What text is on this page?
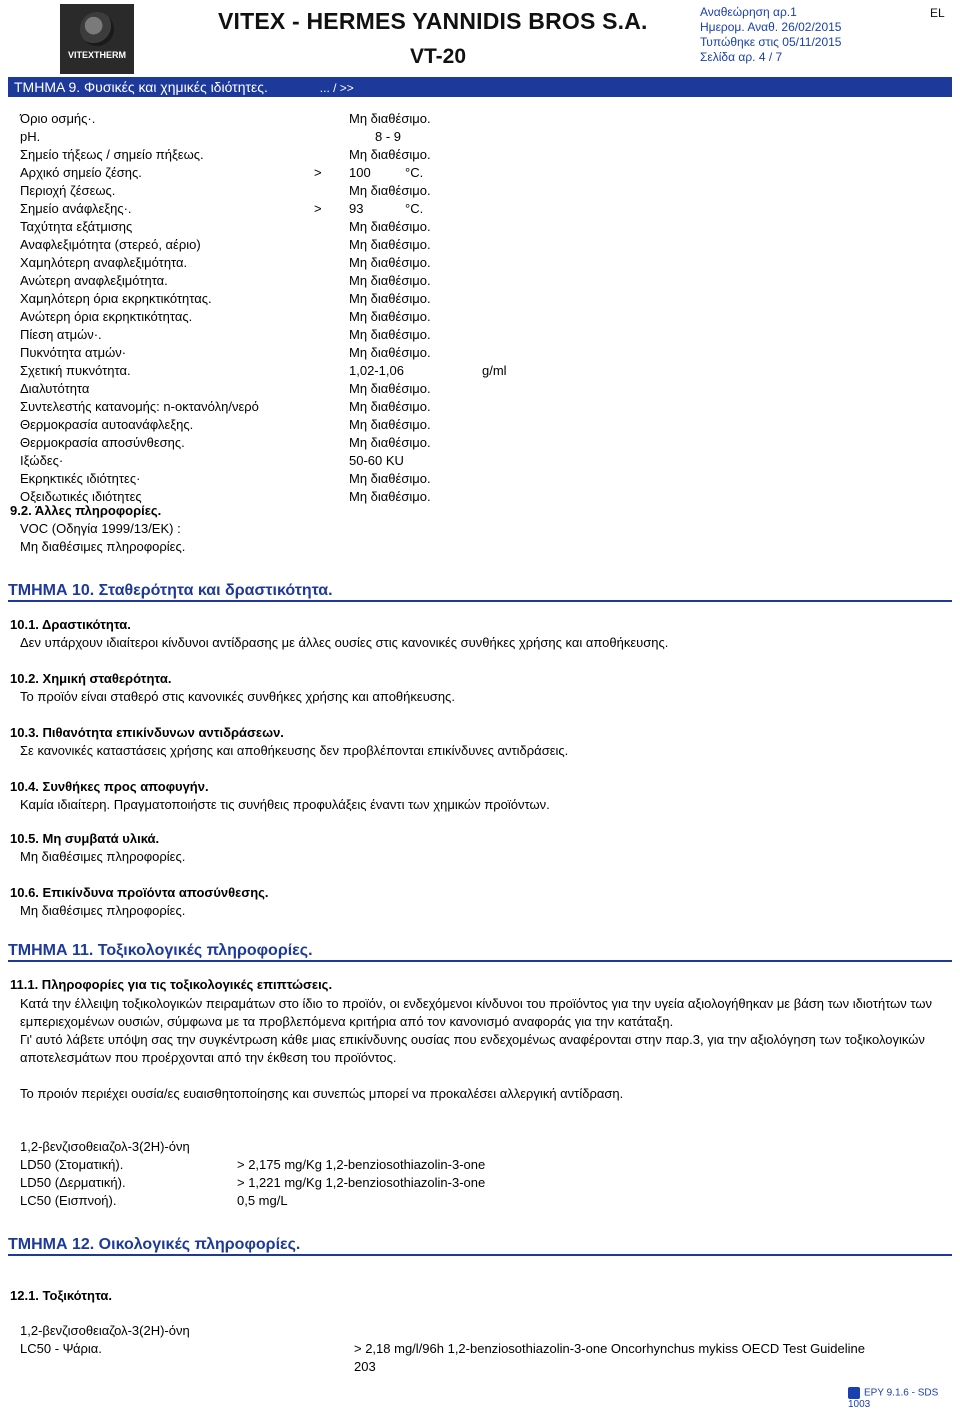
VITEXTHERM
VITEX - HERMES YANNIDIS BROS S.A.
VT-20
Αναθεώρηση αρ.1
Ημερομ. Αναθ. 26/02/2015
Τυπώθηκε στις 05/11/2015
Σελίδα αρ. 4 / 7
EL
ΤΜΗΜΑ 9. Φυσικές και χημικές ιδιότητες.	... / >>
Όριο οσμής·.	Μη διαθέσιμο.
pH.	8 - 9
Σημείο τήξεως / σημείο πήξεως.	Μη διαθέσιμο.
Αρχικό σημείο ζέσης.	> 100	°C.
Περιοχή ζέσεως.	Μη διαθέσιμο.
Σημείο ανάφλεξης·.	> 93	°C.
Ταχύτητα εξάτμισης	Μη διαθέσιμο.
Αναφλεξιμότητα (στερεό, αέριο)	Μη διαθέσιμο.
Χαμηλότερη αναφλεξιμότητα.	Μη διαθέσιμο.
Ανώτερη αναφλεξιμότητα.	Μη διαθέσιμο.
Χαμηλότερη όρια εκρηκτικότητας.	Μη διαθέσιμο.
Ανώτερη όρια εκρηκτικότητας.	Μη διαθέσιμο.
Πίεση ατμών·.	Μη διαθέσιμο.
Πυκνότητα ατμών·	Μη διαθέσιμο.
Σχετική πυκνότητα.	1,02-1,06	g/ml
Διαλυτότητα	Μη διαθέσιμο.
Συντελεστής κατανομής: n-οκτανόλη/νερό	Μη διαθέσιμο.
Θερμοκρασία αυτοανάφλεξης.	Μη διαθέσιμο.
Θερμοκρασία αποσύνθεσης.	Μη διαθέσιμο.
Ιξώδες·	50-60 KU
Εκρηκτικές ιδιότητες·	Μη διαθέσιμο.
Οξειδωτικές ιδιότητες	Μη διαθέσιμο.
9.2. Άλλες πληροφορίες.
VOC (Οδηγία 1999/13/ΕΚ) :
Μη διαθέσιμες πληροφορίες.
ΤΜΗΜΑ 10. Σταθερότητα και δραστικότητα.
10.1. Δραστικότητα.
Δεν υπάρχουν ιδιαίτεροι κίνδυνοι αντίδρασης με άλλες ουσίες στις κανονικές συνθήκες χρήσης και αποθήκευσης.
10.2. Χημική σταθερότητα.
Το προϊόν είναι σταθερό στις κανονικές συνθήκες χρήσης και αποθήκευσης.
10.3. Πιθανότητα επικίνδυνων αντιδράσεων.
Σε κανονικές καταστάσεις χρήσης και αποθήκευσης δεν προβλέπονται επικίνδυνες αντιδράσεις.
10.4. Συνθήκες προς αποφυγήν.
Καμία ιδιαίτερη. Πραγματοποιήστε τις συνήθεις προφυλάξεις έναντι των χημικών προϊόντων.
10.5. Μη συμβατά υλικά.
Μη διαθέσιμες πληροφορίες.
10.6. Επικίνδυνα προϊόντα αποσύνθεσης.
Μη διαθέσιμες πληροφορίες.
ΤΜΗΜΑ 11. Τοξικολογικές πληροφορίες.
11.1. Πληροφορίες για τις τοξικολογικές επιπτώσεις.
Κατά την έλλειψη τοξικολογικών πειραμάτων στο ίδιο το προϊόν, οι ενδεχόμενοι κίνδυνοι του προϊόντος για την υγεία αξιολογήθηκαν με βάση των ιδιοτήτων των εμπεριεχομένων ουσιών, σύμφωνα με τα προβλεπόμενα κριτήρια από τον κανονισμό αναφοράς για την κατάταξη.
Γι' αυτό λάβετε υπόψη σας την συγκέντρωση κάθε μιας επικίνδυνης ουσίας που ενδεχομένως αναφέρονται στην παρ.3, για την αξιολόγηση των τοξικολογικών αποτελεσμάτων που προέρχονται από την έκθεση του προϊόντος.
Το προιόν περιέχει ουσία/ες ευαισθητοποίησης και συνεπώς μπορεί να προκαλέσει αλλεργική αντίδραση.
1,2-βενζισοθειαζολ-3(2Η)-όνη
LD50 (Στοματική).	> 2,175 mg/Kg 1,2-benziosothiazolin-3-one
LD50 (Δερματική).	> 1,221 mg/Kg 1,2-benziosothiazolin-3-one
LC50 (Εισπνοή).	0,5 mg/L
ΤΜΗΜΑ 12. Οικολογικές πληροφορίες.
12.1. Τοξικότητα.
1,2-βενζισοθειαζολ-3(2Η)-όνη
LC50 - Ψάρια.	> 2,18 mg/l/96h 1,2-benziosothiazolin-3-one Oncorhynchus mykiss OECD Test Guideline
203
EPY 9.1.6 - SDS 1003
